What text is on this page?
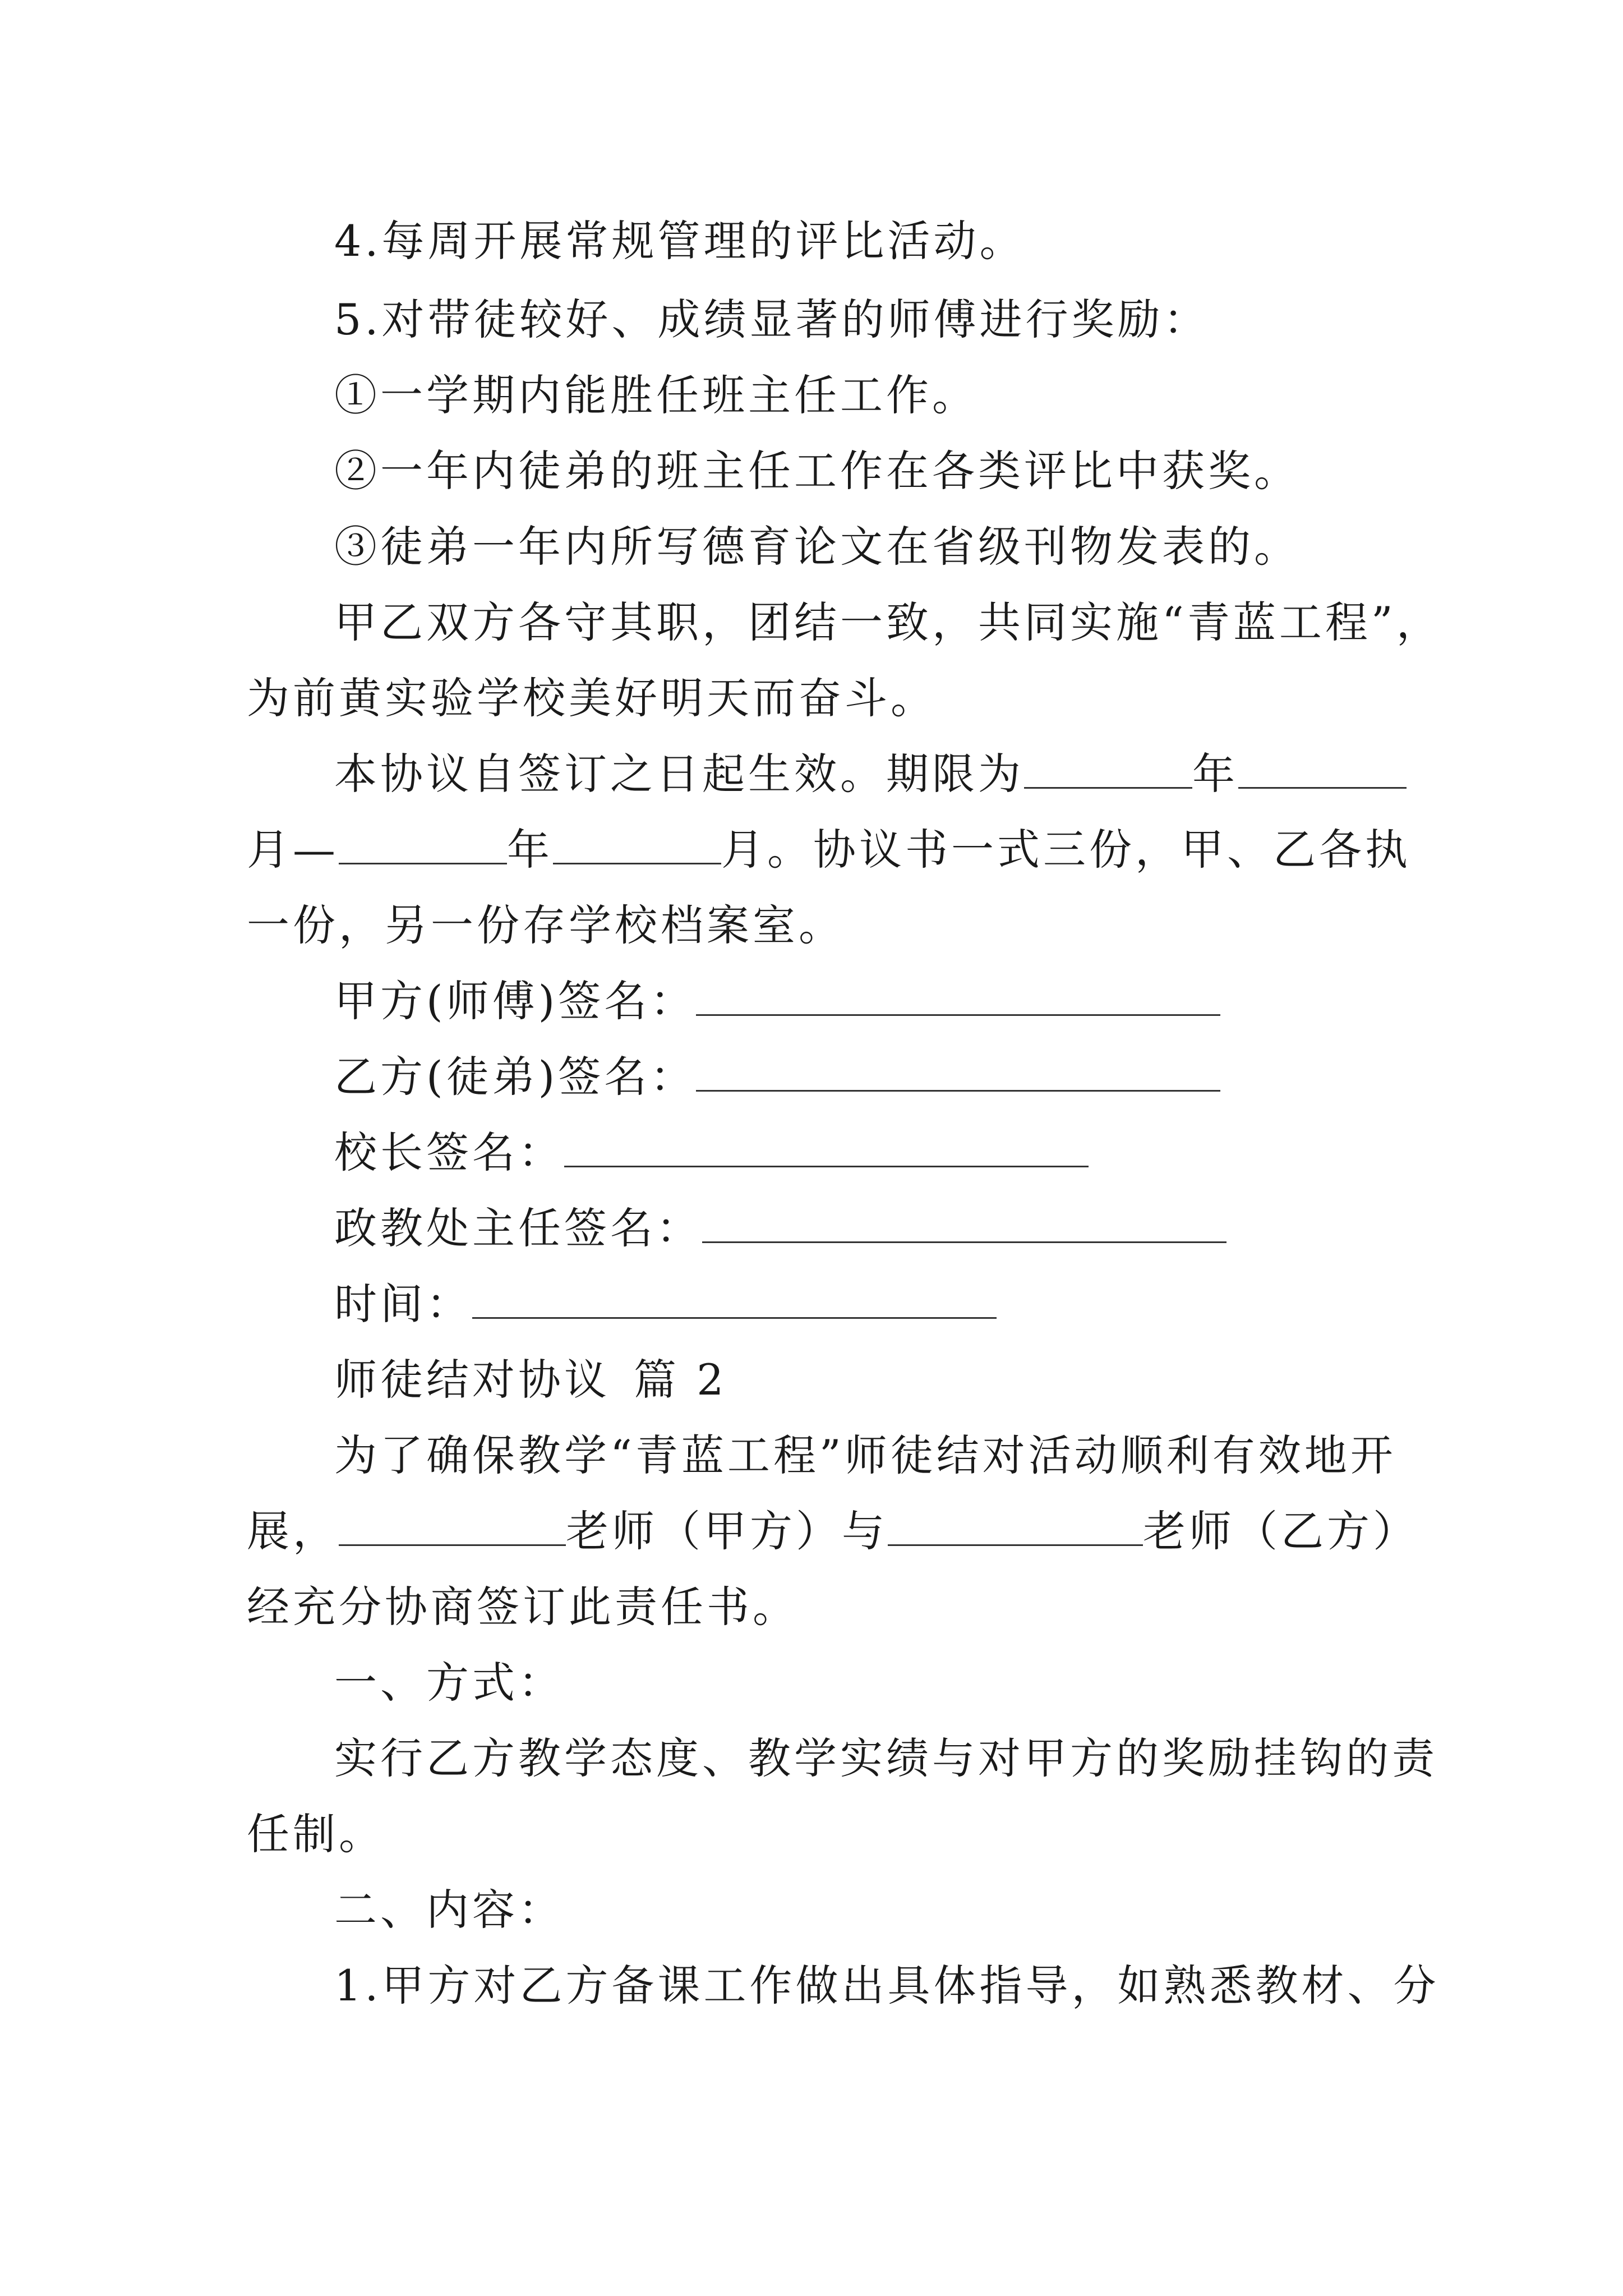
4.每周开展常规管理的评比活动。
5.对带徒较好、成绩显著的师傅进行奖励：
①一学期内能胜任班主任工作。
②一年内徒弟的班主任工作在各类评比中获奖。
③徒弟一年内所写德育论文在省级刊物发表的。
甲乙双方各守其职，团结一致，共同实施“青蓝工程”，
为前黄实验学校美好明天而奋斗。
本协议自签订之日起生效。期限为	年
月—	年	月。协议书一式三份，甲、乙各执
一份，另一份存学校档案室。
甲方(师傅)签名：
乙方(徒弟)签名：
校长签名：
政教处主任签名：
时间：
师徒结对协议 篇 2
为了确保教学“青蓝工程”师徒结对活动顺利有效地开
展，	老师（甲方）与	老师（乙方）
经充分协商签订此责任书。
一、方式：
实行乙方教学态度、教学实绩与对甲方的奖励挂钩的责
任制。
二、内容：
1.甲方对乙方备课工作做出具体指导，如熟悉教材、分
